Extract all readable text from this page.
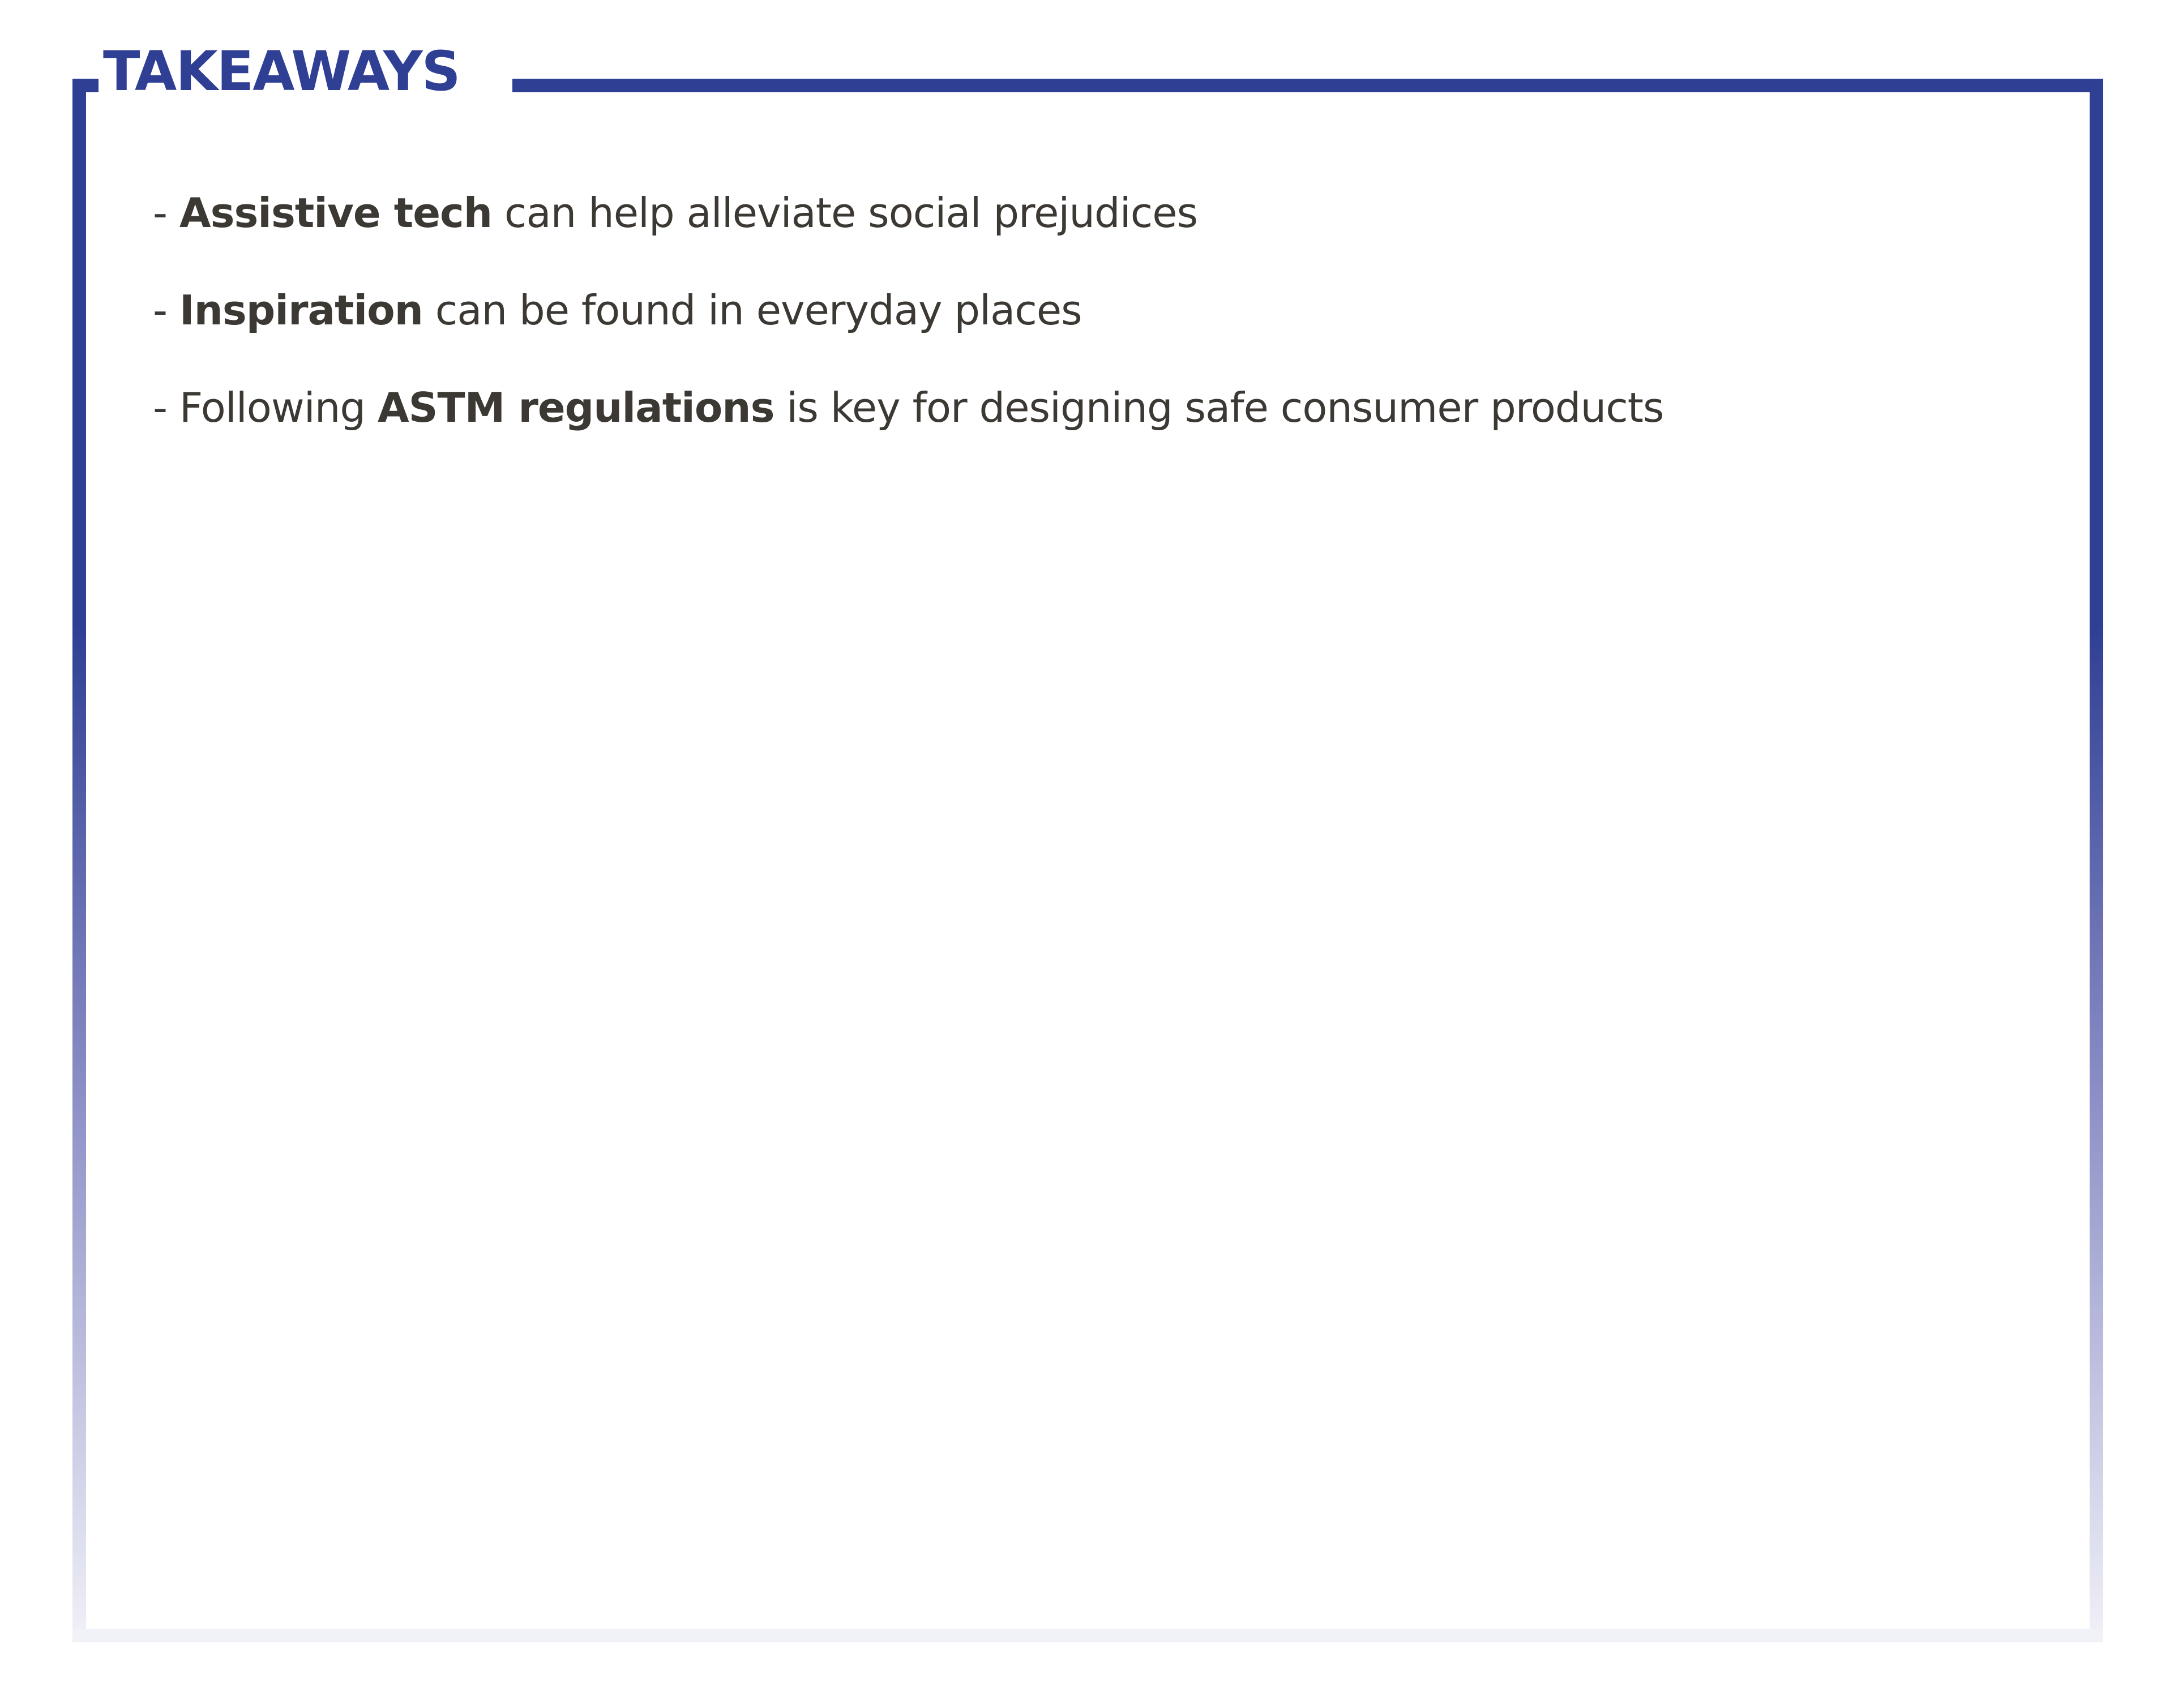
TAKEAWAYS
- Assistive tech can help alleviate social prejudices
- Inspiration can be found in everyday places
- Following ASTM regulations is key for designing safe consumer products
